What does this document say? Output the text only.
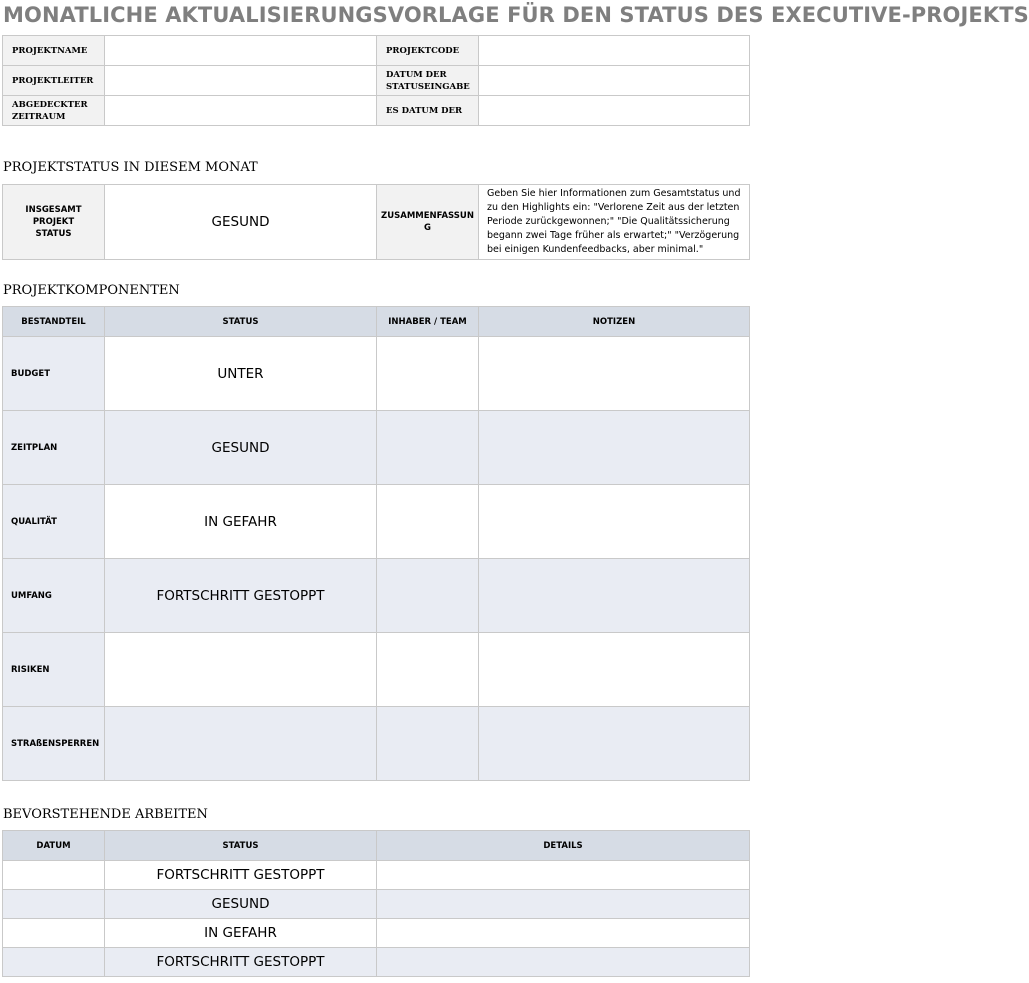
MONATLICHE AKTUALISIERUNGSVORLAGE FÜR DEN STATUS DES EXECUTIVE-PROJEKTS
PROJEKTNAME		PROJEKTCODE	
PROJEKTLEITER		DATUM DER STATUSEINGABE	
ABGEDECKTER ZEITRAUM		ES DATUM DER	
PROJEKTSTATUS IN DIESEM MONAT
INSGESAMT PROJEKT STATUS	GESUND	ZUSAMMENFASSUNG	Geben Sie hier Informationen zum Gesamtstatus und zu den Highlights ein: "Verlorene Zeit aus der letzten Periode zurückgewonnen;" "Die Qualitätssicherung begann zwei Tage früher als erwartet;" "Verzögerung bei einigen Kundenfeedbacks, aber minimal."
PROJEKTKOMPONENTEN
BESTANDTEIL	STATUS	INHABER / TEAM	NOTIZEN
BUDGET	UNTER		
ZEITPLAN	GESUND		
QUALITÄT	IN GEFAHR		
UMFANG	FORTSCHRITT GESTOPPT		
RISIKEN			
STRAßENSPERREN			
BEVORSTEHENDE ARBEITEN
DATUM	STATUS	DETAILS
	FORTSCHRITT GESTOPPT	
	GESUND	
	IN GEFAHR	
	FORTSCHRITT GESTOPPT	
